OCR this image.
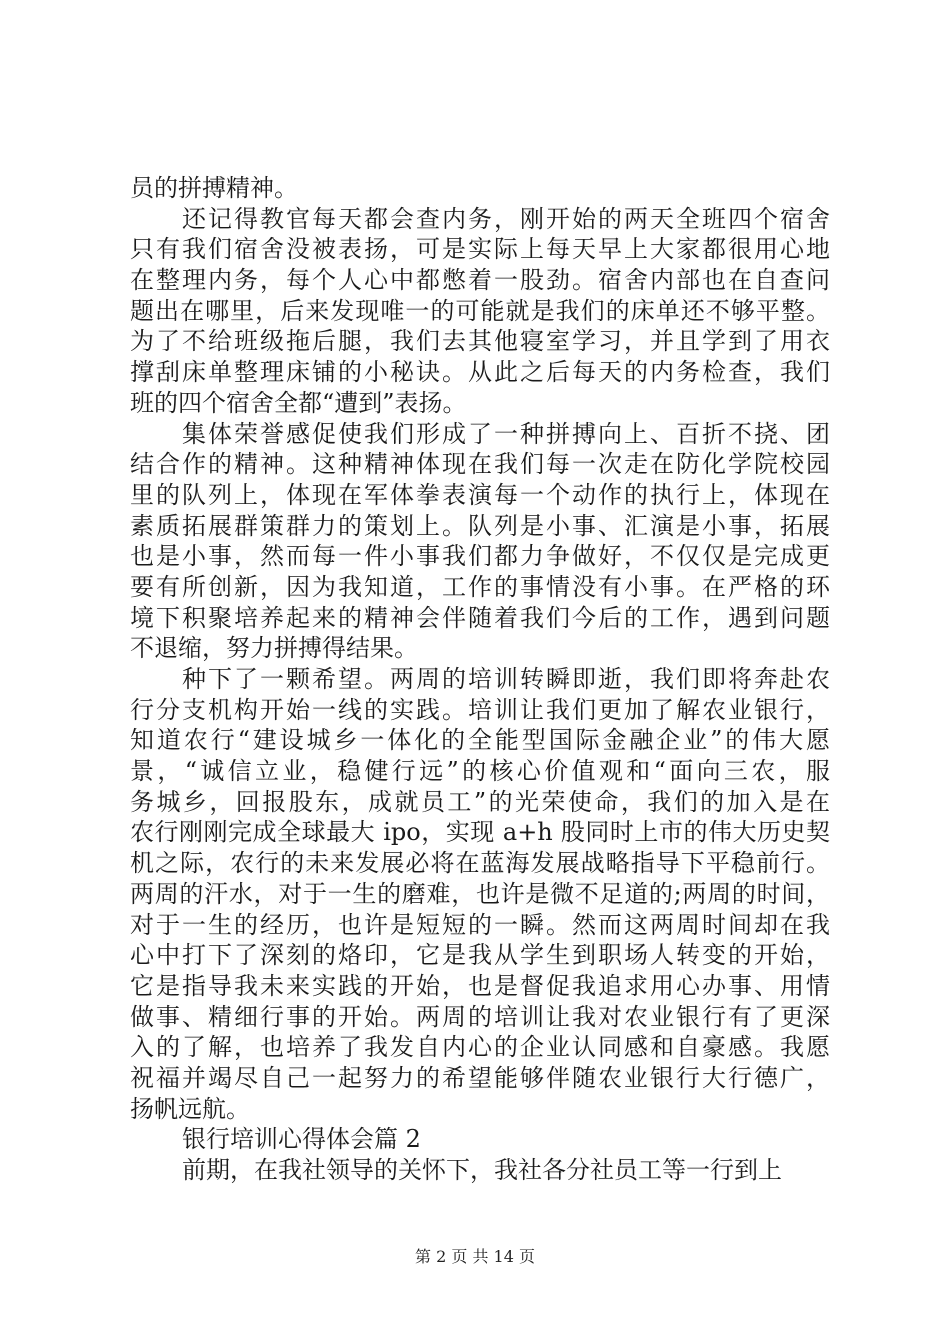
员的拼搏精神。
还记得教官每天都会查内务，刚开始的两天全班四个宿舍
只有我们宿舍没被表扬，可是实际上每天早上大家都很用心地
在整理内务，每个人心中都憋着一股劲。宿舍内部也在自查问
题出在哪里，后来发现唯一的可能就是我们的床单还不够平整。
为了不给班级拖后腿，我们去其他寝室学习，并且学到了用衣
撑刮床单整理床铺的小秘诀。从此之后每天的内务检查，我们
班的四个宿舍全都“遭到”表扬。
集体荣誉感促使我们形成了一种拼搏向上、百折不挠、团
结合作的精神。这种精神体现在我们每一次走在防化学院校园
里的队列上，体现在军体拳表演每一个动作的执行上，体现在
素质拓展群策群力的策划上。队列是小事、汇演是小事，拓展
也是小事，然而每一件小事我们都力争做好，不仅仅是完成更
要有所创新，因为我知道，工作的事情没有小事。在严格的环
境下积聚培养起来的精神会伴随着我们今后的工作，遇到问题
不退缩，努力拼搏得结果。
种下了一颗希望。两周的培训转瞬即逝，我们即将奔赴农
行分支机构开始一线的实践。培训让我们更加了解农业银行，
知道农行“建设城乡一体化的全能型国际金融企业”的伟大愿
景，“诚信立业，稳健行远”的核心价值观和“面向三农，服
务城乡，回报股东，成就员工”的光荣使命，我们的加入是在
农行刚刚完成全球最大 ipo，实现 a+h 股同时上市的伟大历史契
机之际，农行的未来发展必将在蓝海发展战略指导下平稳前行。
两周的汗水，对于一生的磨难，也许是微不足道的;两周的时间，
对于一生的经历，也许是短短的一瞬。然而这两周时间却在我
心中打下了深刻的烙印，它是我从学生到职场人转变的开始，
它是指导我未来实践的开始，也是督促我追求用心办事、用情
做事、精细行事的开始。两周的培训让我对农业银行有了更深
入的了解，也培养了我发自内心的企业认同感和自豪感。我愿
祝福并竭尽自己一起努力的希望能够伴随农业银行大行德广，
扬帆远航。
银行培训心得体会篇 2
前期，在我社领导的关怀下，我社各分社员工等一行到上
第 2 页 共 14 页
